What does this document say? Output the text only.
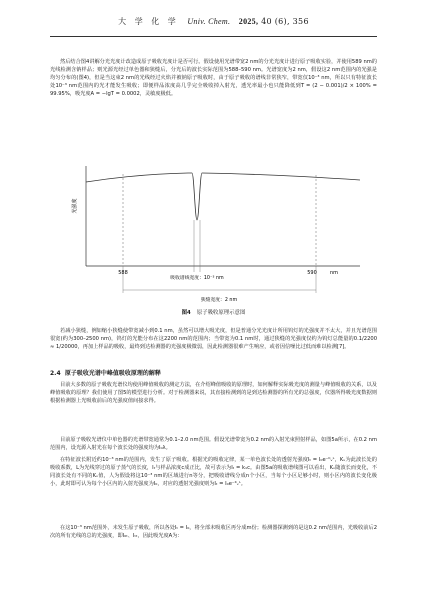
大 学 化 学 Univ. Chem. 2025, 40 (6), 356

然后结合图4讲解分光光度计改造成原子吸收光度计是否可行。假设使用光谱带宽2 nm的分光光度计进行原子吸收实验，并使用589 nm的光线检测含钠样品；则光源光经过单色器和狭缝后，分光后的波长实际范围为588–590 nm。光谱宽度为2 nm，假设这2 nm范围内的光强是均匀分布的(图4)，但是当这束2 nm的光线经过火焰并被钠原子吸收时，由于原子吸收的谱线非常狭窄，带宽仅10⁻³ nm，所以只有特征波长处10⁻³ nm范围内的光才能发生吸收；即便样品浓度高几乎完全吸收掉入射光，透光率最小也只能降低到T = (2 − 0.001)/2 × 100% = 99.95%，吸光度A = −lgT = 0.0002，灵敏度极低。

光强度
588	590	nm
吸收谱线宽度：10⁻³ nm
狭缝宽度：2 nm
图4 原子吸收原理示意图

若减小狭缝，例如缩小狭缝使带宽减小到0.1 nm，虽然可以增大吸光度，但是普通分光光度计所用钨灯的光强度并不太大，并且光谱范围很宽(约为300–2500 nm)，钨灯的光能分布在这2200 nm的范围内；当带宽为0.1 nm时，通过狭缝的光强度仅约为钨灯总能量的0.1/2200 ≈ 1/20000，再加上样品的吸收，最终到达检测器的光强度极微弱，因此检测器很难产生响应，或者因信噪比过低而难以检测[7]。

2.4 原子吸收光谱中峰值吸收原理的解释

目前大多数的原子吸收光谱仪均使用峰值吸收的测定方法，在介绍峰值吸收的原理时，如何解释实际吸光度的测量与峰值吸收的关系，以及峰值吸收的原理？我们使用了图5的模型进行分析。对于检测器来说，其直接检测到的是到达检测器的所有光的总强度，仪器所得吸光度数据则根据检测器上光吸收前后的光强度值间接求得。

目前原子吸收光谱仪中单色器的光谱带宽通常为0.1–2.0 nm范围。假设光谱带宽为0.2 nm的入射光束照射样品，如图5a所示，在0.2 nm范围内，设光源入射光在每个波长处的强度均为I₀λ。

在特征波长附近约10⁻³ nm的范围内，发生了原子吸收。根据光的吸收定律，某一单色波长处的透射光强度Iₜ = I₀e⁻ᴷᵥᴸ，Kᵥ为此波长处的吸收系数，L为光线穿过的原子蒸气的长度，Iₜ与样品浓度c成正比，故可表示为Iₜ = k₁c。由图5a的吸收谱线图可以看出，Kᵥ随波长而变化，不同波长处有不同的Kᵥ值，人为假设将这10⁻³ nm的区域进行n等分，把吸收谱线分成n个小区，当每个小区足够小时，则小区内的波长变化极小，此时即可认为每个小区内的入射光强度为I₀，对应的透射光强度则为Iₜ = I₀e⁻ᴷᵥᴸ。

在这10⁻³ nm范围外，未发生原子吸收，所以各处Iₜ = I₀，将全部未吸收区再分成m份；检测器探测到的是这0.2 nm范围内，光吸收前后2次的所有光线的总的光强度，即I₀ₜ、Iₜₜ，因此吸光度A为：
